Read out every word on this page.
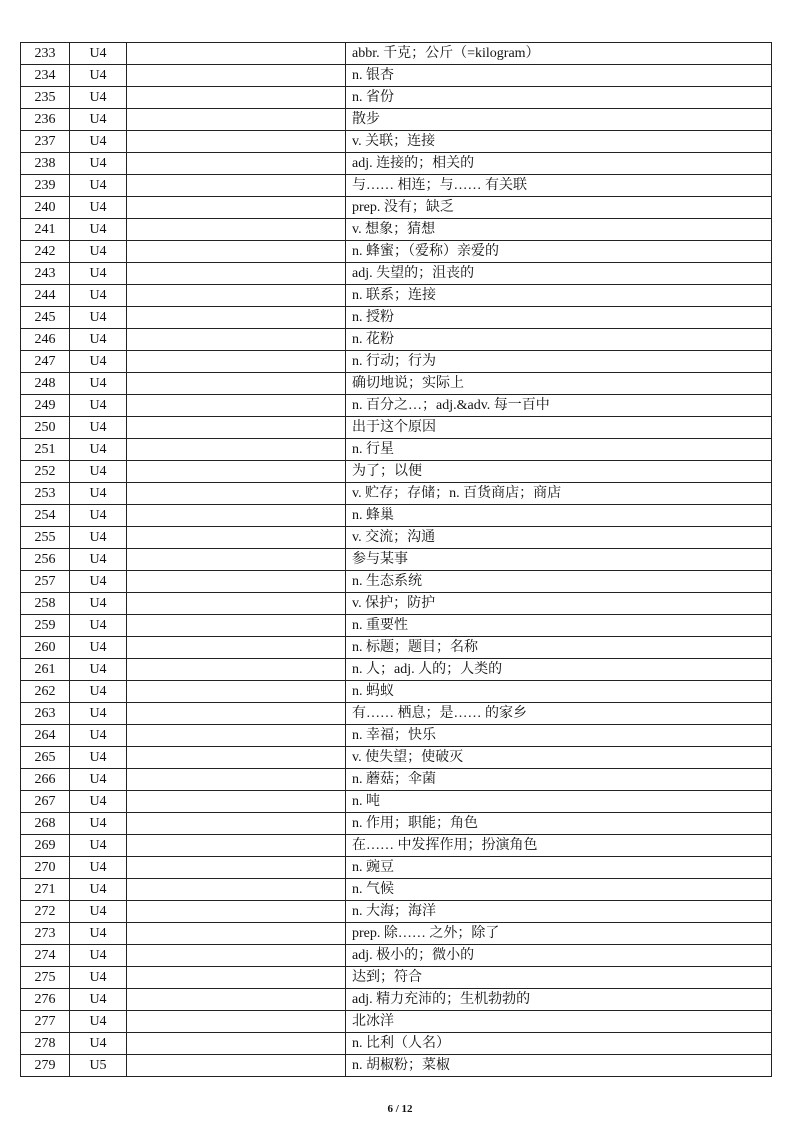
233	U4		abbr. 千克；公斤（=kilogram）
234	U4		n. 银杏
235	U4		n. 省份
236	U4		散步
237	U4		v. 关联；连接
238	U4		adj. 连接的；相关的
239	U4		与…… 相连；与…… 有关联
240	U4		prep. 没有；缺乏
241	U4		v. 想象；猜想
242	U4		n. 蜂蜜；（爱称）亲爱的
243	U4		adj. 失望的；沮丧的
244	U4		n. 联系；连接
245	U4		n. 授粉
246	U4		n. 花粉
247	U4		n. 行动；行为
248	U4		确切地说；实际上
249	U4		n. 百分之…；adj.&adv. 每一百中
250	U4		出于这个原因
251	U4		n. 行星
252	U4		为了；以便
253	U4		v. 贮存；存储；n. 百货商店；商店
254	U4		n. 蜂巢
255	U4		v. 交流；沟通
256	U4		参与某事
257	U4		n. 生态系统
258	U4		v. 保护；防护
259	U4		n. 重要性
260	U4		n. 标题；题目；名称
261	U4		n. 人；adj. 人的；人类的
262	U4		n. 蚂蚁
263	U4		有…… 栖息；是…… 的家乡
264	U4		n. 幸福；快乐
265	U4		v. 使失望；使破灭
266	U4		n. 蘑菇；伞菌
267	U4		n. 吨
268	U4		n. 作用；职能；角色
269	U4		在…… 中发挥作用；扮演角色
270	U4		n. 豌豆
271	U4		n. 气候
272	U4		n. 大海；海洋
273	U4		prep. 除…… 之外；除了
274	U4		adj. 极小的；微小的
275	U4		达到；符合
276	U4		adj. 精力充沛的；生机勃勃的
277	U4		北冰洋
278	U4		n. 比利（人名）
279	U5		n. 胡椒粉；菜椒
6 / 12
